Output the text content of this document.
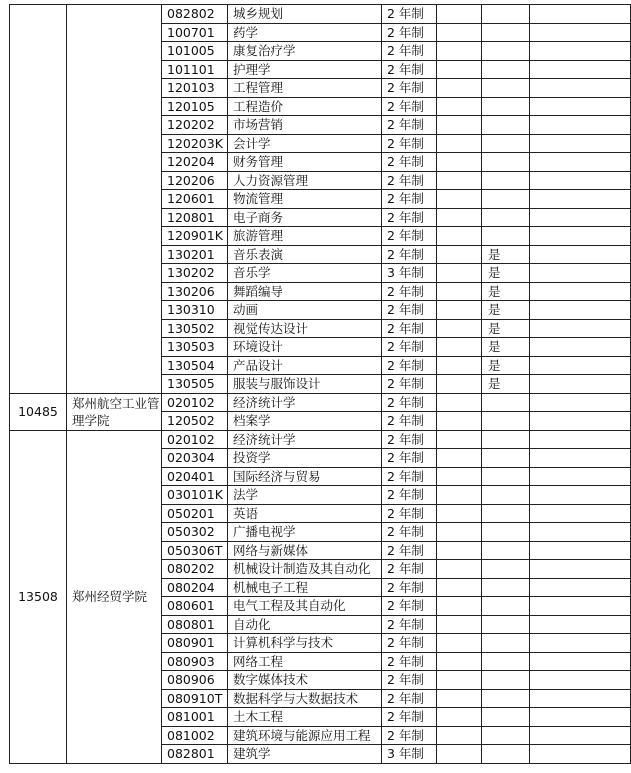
		082802	城乡规划	2 年制			
		100701	药学	2 年制			
		101005	康复治疗学	2 年制			
		101101	护理学	2 年制			
		120103	工程管理	2 年制			
		120105	工程造价	2 年制			
		120202	市场营销	2 年制			
		120203K	会计学	2 年制			
		120204	财务管理	2 年制			
		120206	人力资源管理	2 年制			
		120601	物流管理	2 年制			
		120801	电子商务	2 年制			
		120901K	旅游管理	2 年制			
		130201	音乐表演	2 年制		是	
		130202	音乐学	3 年制		是	
		130206	舞蹈编导	2 年制		是	
		130310	动画	2 年制		是	
		130502	视觉传达设计	2 年制		是	
		130503	环境设计	2 年制		是	
		130504	产品设计	2 年制		是	
		130505	服装与服饰设计	2 年制		是	
10485	郑州航空工业管理学院	020102	经济统计学	2 年制			
		120502	档案学	2 年制			
13508	郑州经贸学院	020102	经济统计学	2 年制			
		020304	投资学	2 年制			
		020401	国际经济与贸易	2 年制			
		030101K	法学	2 年制			
		050201	英语	2 年制			
		050302	广播电视学	2 年制			
		050306T	网络与新媒体	2 年制			
		080202	机械设计制造及其自动化	2 年制			
		080204	机械电子工程	2 年制			
		080601	电气工程及其自动化	2 年制			
		080801	自动化	2 年制			
		080901	计算机科学与技术	2 年制			
		080903	网络工程	2 年制			
		080906	数字媒体技术	2 年制			
		080910T	数据科学与大数据技术	2 年制			
		081001	土木工程	2 年制			
		081002	建筑环境与能源应用工程	2 年制			
		082801	建筑学	3 年制			
